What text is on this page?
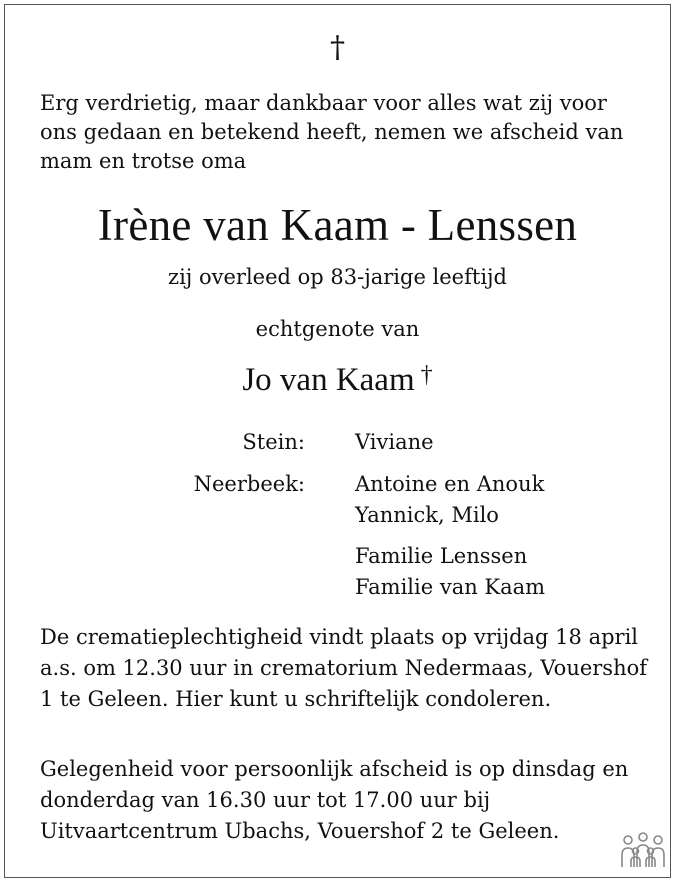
†
Erg verdrietig, maar dankbaar voor alles wat zij voor ons gedaan en betekend heeft, nemen we afscheid van mam en trotse oma
Irène van Kaam - Lenssen
zij overleed op 83-jarige leeftijd
echtgenote van
Jo van Kaam †
Stein: Viviane
Neerbeek: Antoine en Anouk
Yannick, Milo
Familie Lenssen
Familie van Kaam
De crematieplechtigheid vindt plaats op vrijdag 18 april a.s. om 12.30 uur in crematorium Nedermaas, Vouershof 1 te Geleen. Hier kunt u schriftelijk condoleren.
Gelegenheid voor persoonlijk afscheid is op dinsdag en donderdag van 16.30 uur tot 17.00 uur bij Uitvaartcentrum Ubachs, Vouershof 2 te Geleen.
